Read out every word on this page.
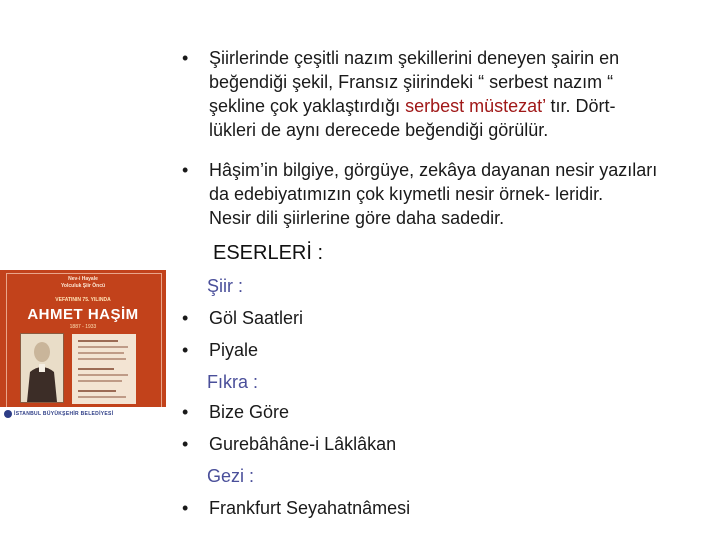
Şiirlerinde çeşitli nazım şekillerini deneyen şairin en
beğendiği şekil, Fransız şiirindeki “ serbest nazım “
şekline çok yaklaştırdığı serbest müstezat’ tır. Dört-
lükleri de aynı derecede beğendiği görülür.
Hâşim’in bilgiye, görgüye, zekâya dayanan nesir yazıları
da edebiyatımızın çok kıymetli nesir örnek- leridir.
Nesir dili şiirlerine göre daha sadedir.
ESERLERİ :
Şiir :
Göl Saatleri
Piyale
Fıkra :
Bize Göre
Gurebâhâne-i Lâklâkan
Gezi :
Frankfurt Seyahatnâmesi
Nev-i Hayale
Yolculuk Şiir Öncü
VEFATININ 75. YILINDA
AHMET HAŞİM
1887 - 1933
İSTANBUL BÜYÜKŞEHİR BELEDİYESİ
